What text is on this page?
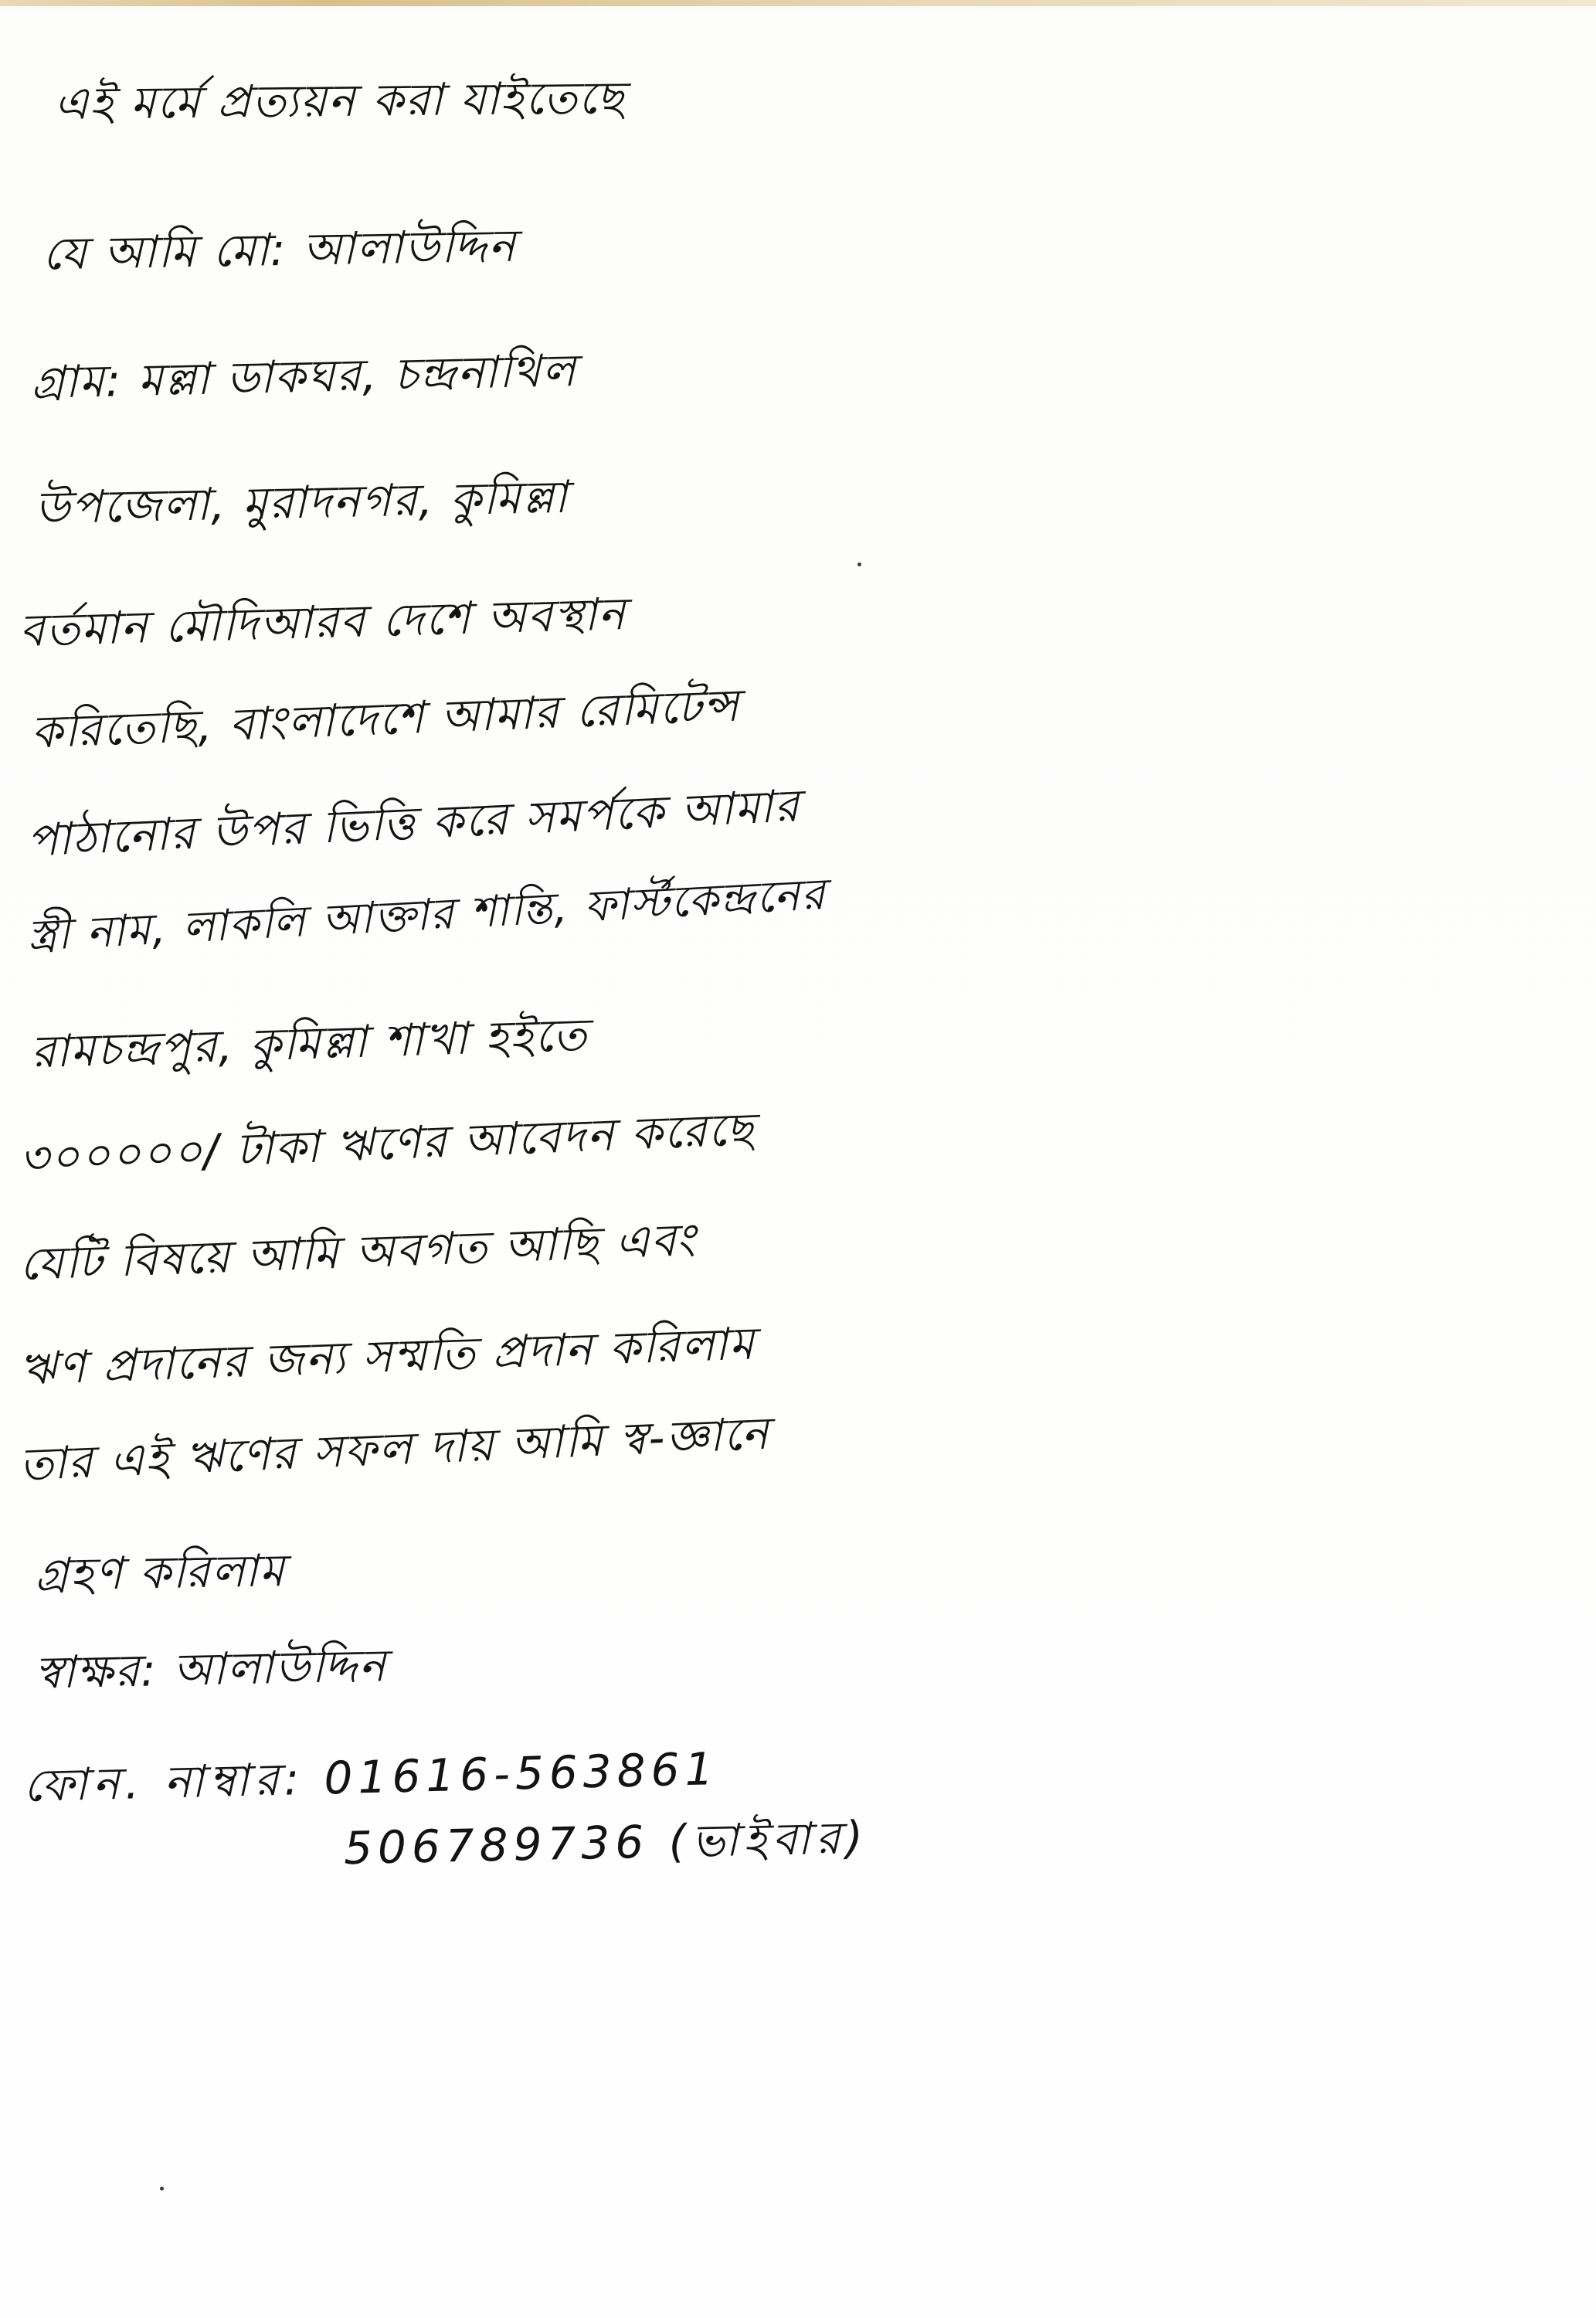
এই মর্মে প্রত্যয়ন করা যাইতেছে
যে আমি মো: আলাউদ্দিন
গ্রাম: মল্লা ডাকঘর, চন্দ্রনাথিল
উপজেলা, মুরাদনগর, কুমিল্লা
বর্তমান মৌদিআরব দেশে অবস্থান
করিতেছি, বাংলাদেশে আমার রেমিটেন্স
পাঠানোর উপর ভিত্তি করে সমর্পকে আমার
স্ত্রী নাম, লাকলি আক্তার শান্তি, ফার্স্টকেন্দ্রনের
রামচন্দ্রপুর, কুমিল্লা শাখা হইতে
৩০০০০০/ টাকা ঋণের আবেদন করেছে
যেটি বিষয়ে আমি অবগত আছি এবং
ঋণ প্রদানের জন্য সম্মতি প্রদান করিলাম
তার এই ঋণের সফল দায় আমি স্ব-জ্ঞানে
গ্রহণ করিলাম
স্বাক্ষর: আলাউদ্দিন
ফোন. নাম্বার: 01616-563861
506789736 (ভাইবার)
